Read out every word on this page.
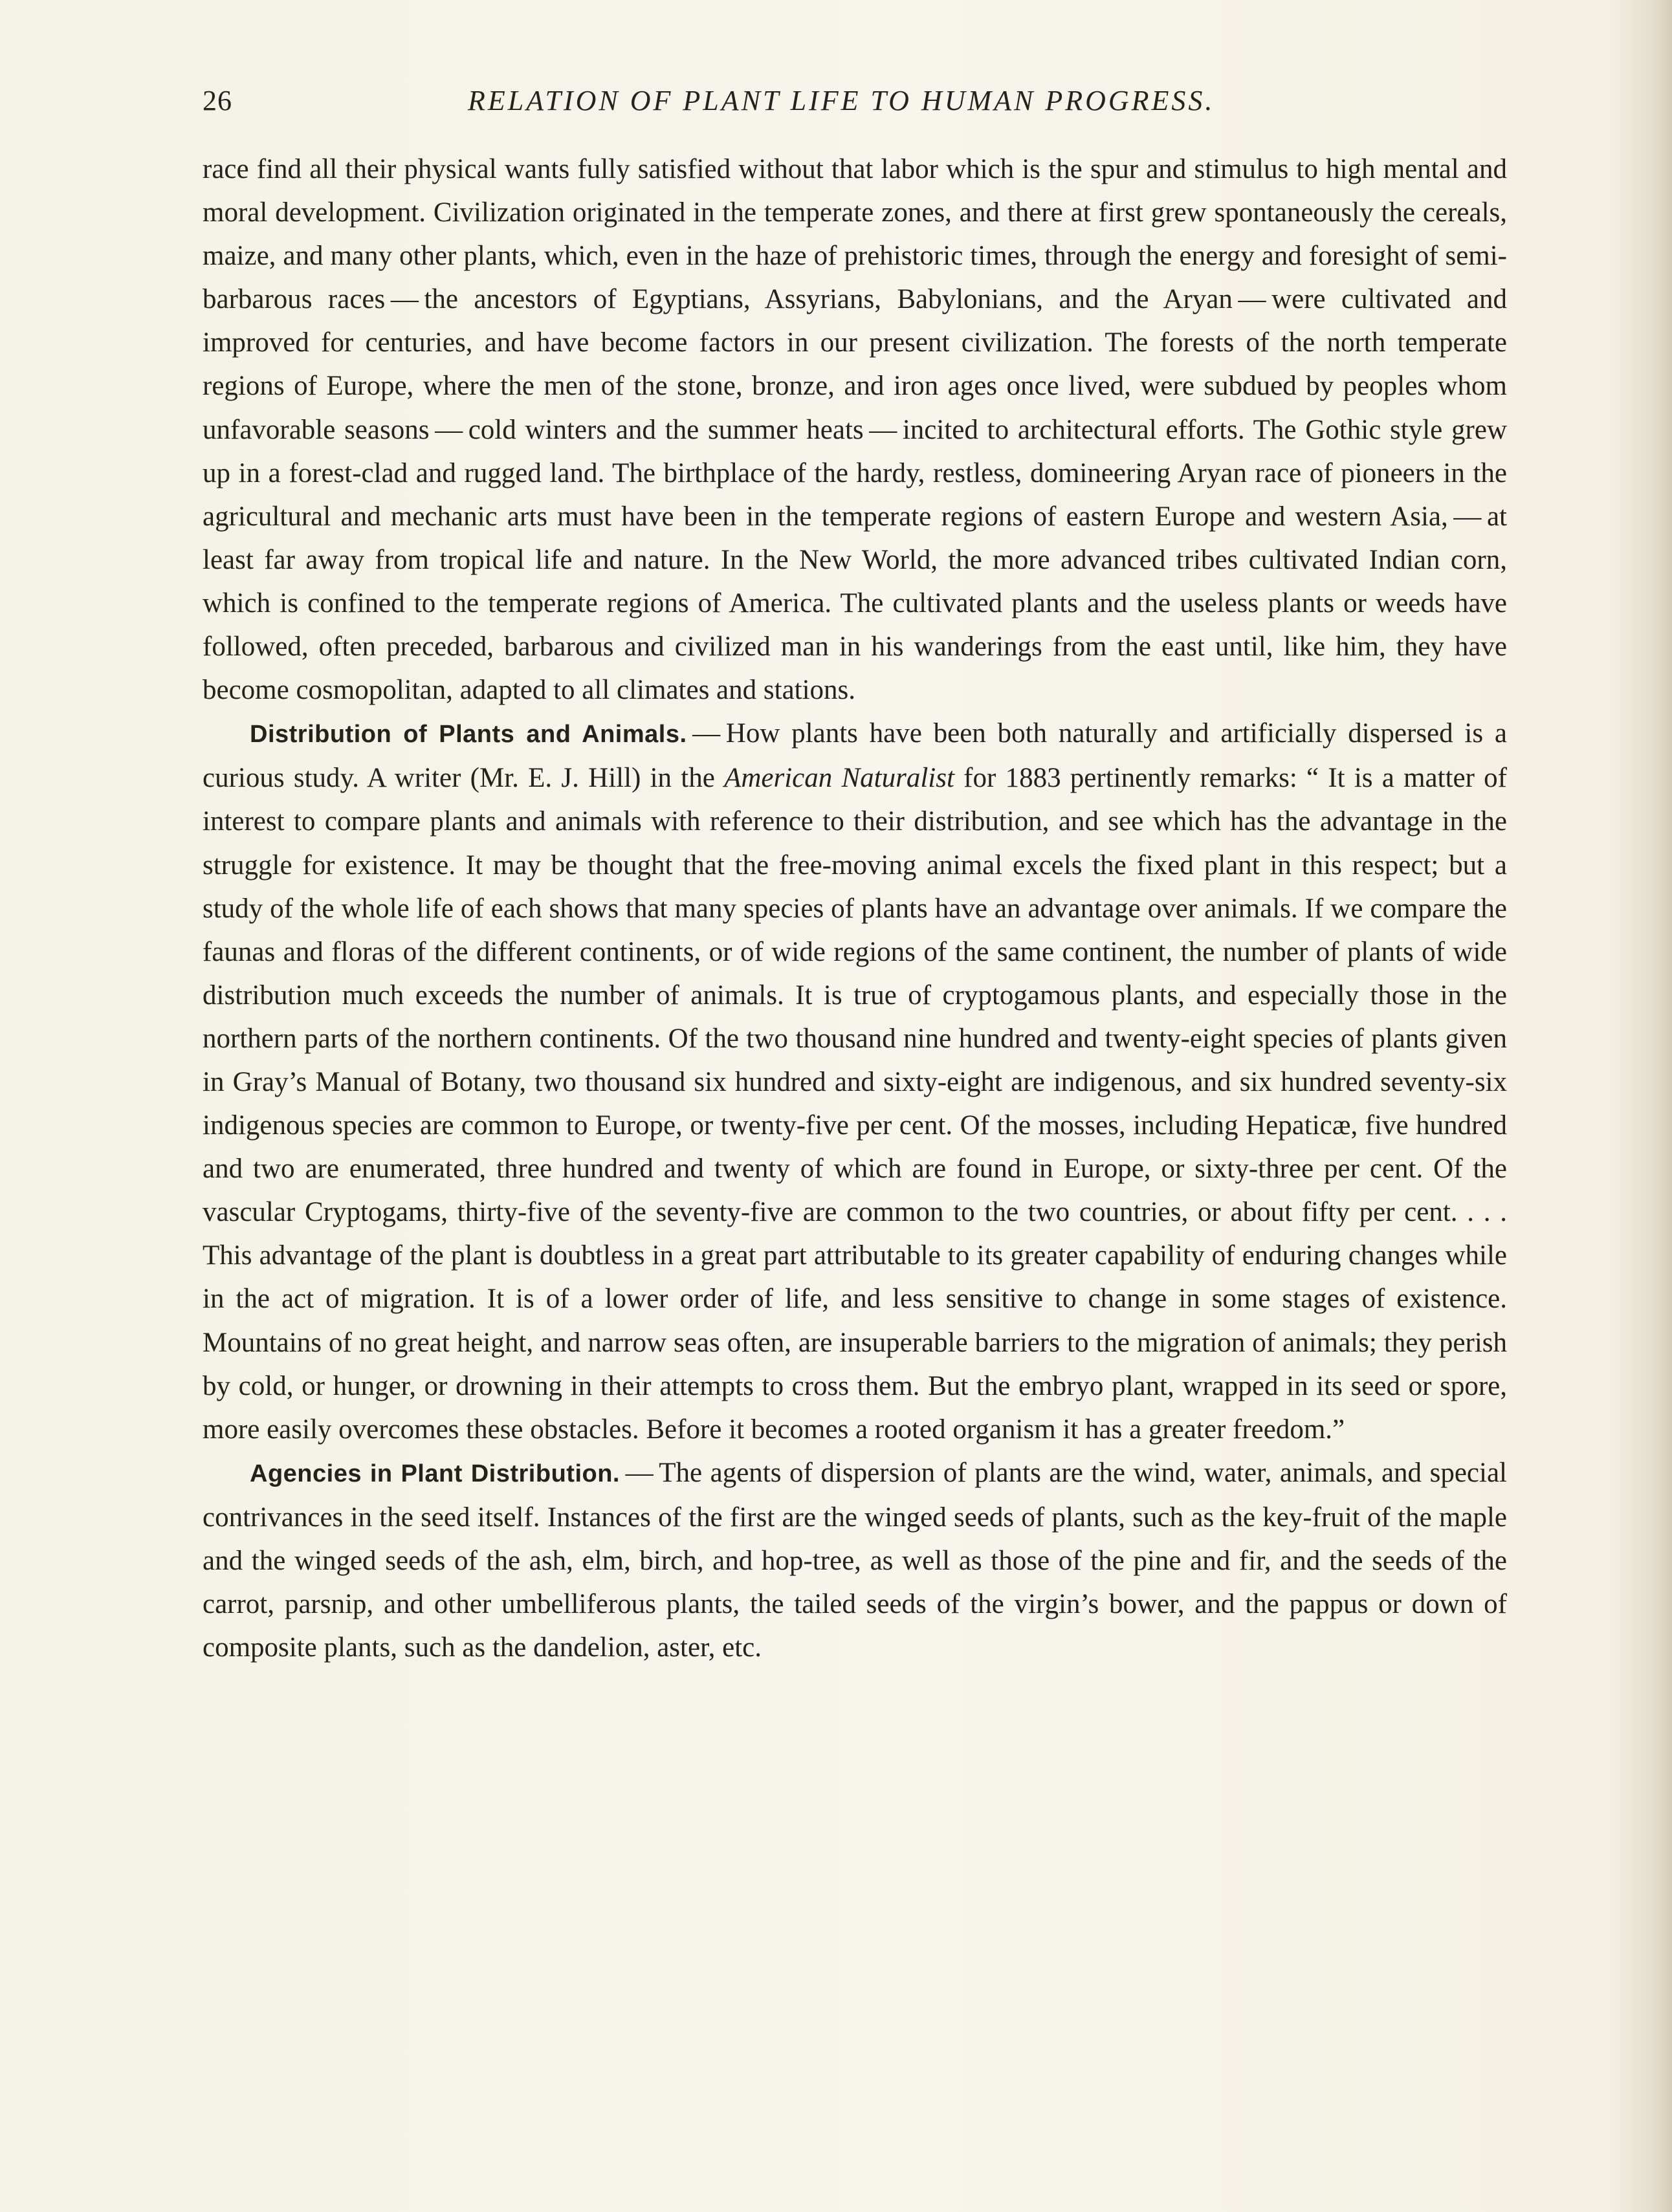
26	RELATION OF PLANT LIFE TO HUMAN PROGRESS.

race find all their physical wants fully satisfied without that labor which is the spur and stimulus to high mental and moral development. Civilization originated in the temperate zones, and there at first grew spontaneously the cereals, maize, and many other plants, which, even in the haze of prehistoric times, through the energy and foresight of semi-barbarous races — the ancestors of Egyptians, Assyrians, Babylonians, and the Aryan — were cultivated and improved for centuries, and have become factors in our present civilization. The forests of the north temperate regions of Europe, where the men of the stone, bronze, and iron ages once lived, were subdued by peoples whom unfavorable seasons — cold winters and the summer heats — incited to architectural efforts. The Gothic style grew up in a forest-clad and rugged land. The birthplace of the hardy, restless, domineering Aryan race of pioneers in the agricultural and mechanic arts must have been in the temperate regions of eastern Europe and western Asia, — at least far away from tropical life and nature. In the New World, the more advanced tribes cultivated Indian corn, which is confined to the temperate regions of America. The cultivated plants and the useless plants or weeds have followed, often preceded, barbarous and civilized man in his wanderings from the east until, like him, they have become cosmopolitan, adapted to all climates and stations.

Distribution of Plants and Animals. — How plants have been both naturally and artificially dispersed is a curious study. A writer (Mr. E. J. Hill) in the American Naturalist for 1883 pertinently remarks: “ It is a matter of interest to compare plants and animals with reference to their distribution, and see which has the advantage in the struggle for existence. It may be thought that the free-moving animal excels the fixed plant in this respect; but a study of the whole life of each shows that many species of plants have an advantage over animals. If we compare the faunas and floras of the different continents, or of wide regions of the same continent, the number of plants of wide distribution much exceeds the number of animals. It is true of cryptogamous plants, and especially those in the northern parts of the northern continents. Of the two thousand nine hundred and twenty-eight species of plants given in Gray’s Manual of Botany, two thousand six hundred and sixty-eight are indigenous, and six hundred seventy-six indigenous species are common to Europe, or twenty-five per cent. Of the mosses, including Hepaticæ, five hundred and two are enumerated, three hundred and twenty of which are found in Europe, or sixty-three per cent. Of the vascular Cryptogams, thirty-five of the seventy-five are common to the two countries, or about fifty per cent. . . . This advantage of the plant is doubtless in a great part attributable to its greater capability of enduring changes while in the act of migration. It is of a lower order of life, and less sensitive to change in some stages of existence. Mountains of no great height, and narrow seas often, are insuperable barriers to the migration of animals; they perish by cold, or hunger, or drowning in their attempts to cross them. But the embryo plant, wrapped in its seed or spore, more easily overcomes these obstacles. Before it becomes a rooted organism it has a greater freedom.”

Agencies in Plant Distribution. — The agents of dispersion of plants are the wind, water, animals, and special contrivances in the seed itself. Instances of the first are the winged seeds of plants, such as the key-fruit of the maple and the winged seeds of the ash, elm, birch, and hop-tree, as well as those of the pine and fir, and the seeds of the carrot, parsnip, and other umbelliferous plants, the tailed seeds of the virgin’s bower, and the pappus or down of composite plants, such as the dandelion, aster, etc.
